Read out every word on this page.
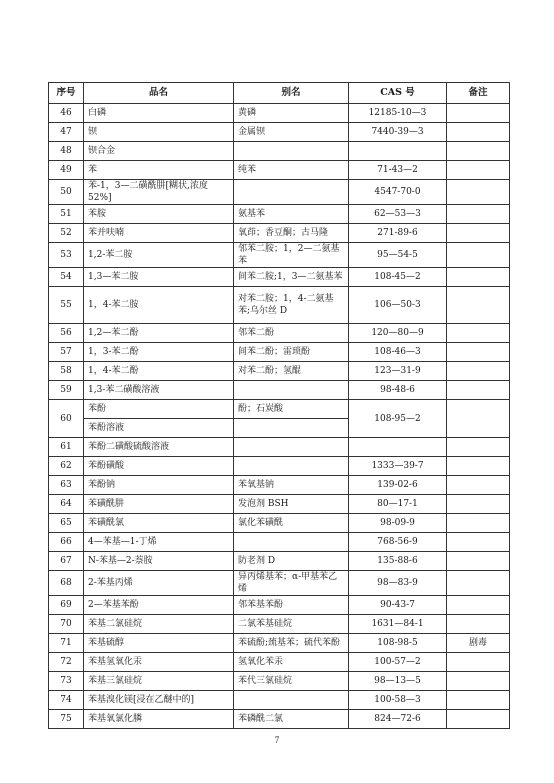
序号	品名	别名	CAS 号	备注
46	白磷	黄磷	12185-10—3	
47	钡	金属钡	7440-39—3	
48	钡合金			
49	苯	纯苯	71-43—2	
50	苯-1，3—二磺酰肼[糊状,浓度 52%]		4547-70-0	
51	苯胺	氨基苯	62—53—3	
52	苯并呋喃	氧茚；香豆酮；古马隆	271-89-6	
53	1,2-苯二胺	邻苯二胺；1，2—二氨基苯	95—54-5	
54	1,3—苯二胺	间苯二胺;1，3—二氨基苯	108-45—2	
55	1，4-苯二胺	对苯二胺；1，4-二氨基苯;乌尔丝 D	106—50-3	
56	1,2—苯二酚	邻苯二酚	120—80—9	
57	1，3-苯二酚	间苯二酚；雷琐酚	108-46—3	
58	1，4-苯二酚	对苯二酚；氢醌	123—31-9	
59	1,3-苯二磺酸溶液		98-48-6	
60	苯酚	酚；石炭酸	108-95—2	
	苯酚溶液			
61	苯酚二磺酸硫酸溶液			
62	苯酚磺酸		1333—39-7	
63	苯酚钠	苯氧基钠	139-02-6	
64	苯磺酰肼	发泡剂 BSH	80—17-1	
65	苯磺酰氯	氯化苯磺酰	98-09-9	
66	4—苯基—1-丁烯		768-56-9	
67	N-苯基—2-萘胺	防老剂 D	135-88-6	
68	2-苯基丙烯	异丙烯基苯；α-甲基苯乙烯	98—83-9	
69	2—苯基苯酚	邻苯基苯酚	90-43-7	
70	苯基二氯硅烷	二氯苯基硅烷	1631—84-1	
71	苯基硫醇	苯硫酚;巯基苯；硫代苯酚	108-98-5	剧毒
72	苯基氢氧化汞	氢氧化苯汞	100-57—2	
73	苯基三氯硅烷	苯代三氯硅烷	98—13—5	
74	苯基溴化镁[浸在乙醚中的]		100-58—3	
75	苯基氧氯化膦	苯磷酰二氯	824—72-6	
7
